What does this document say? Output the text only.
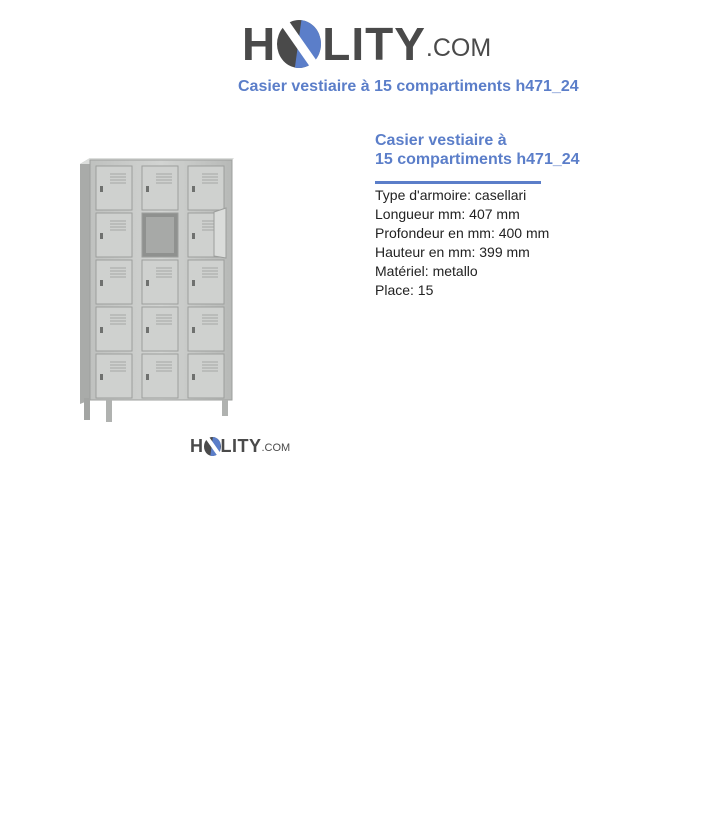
H LITY .COM
Casier vestiaire à 15 compartiments h471_24
H LITY .COM
Casier vestiaire à
15 compartiments h471_24
Type d'armoire: casellari
Longueur mm: 407 mm
Profondeur en mm: 400 mm
Hauteur en mm: 399 mm
Matériel: metallo
Place: 15
